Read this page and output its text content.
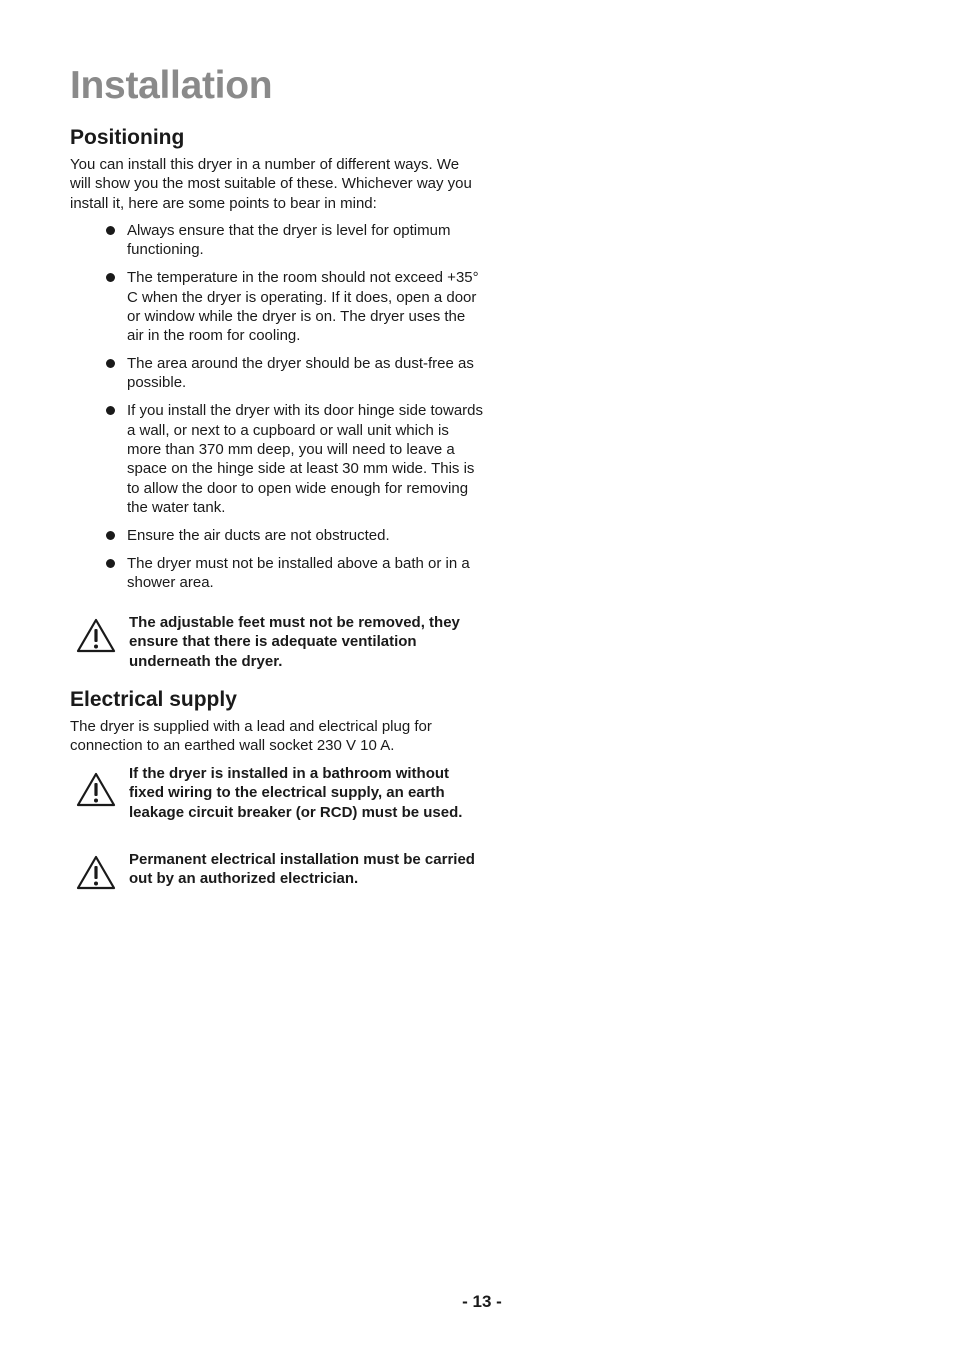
Installation
Positioning

You can install this dryer in a number of different ways. We will show you the most suitable of these. Whichever way you install it, here are some points to bear in mind:

Always ensure that the dryer is level for optimum functioning.
The temperature in the room should not exceed +35° C when the dryer is operating. If it does, open a door or window while the dryer is on. The dryer uses the air in the room for cooling.
The area around the dryer should be as dust-free as possible.
If you install the dryer with its door hinge side towards a wall, or next to a cupboard or wall unit which is more than 370 mm deep, you will need to leave a space on the hinge side at least 30 mm wide. This is to allow the door to open wide enough for removing the water tank.
Ensure the air ducts are not obstructed.
The dryer must not be installed above a bath or in a shower area.

The adjustable feet must not be removed, they ensure that there is adequate ventilation underneath the dryer.

Electrical supply

The dryer is supplied with a lead and electrical plug for connection to an earthed wall socket 230 V 10 A.

If the dryer is installed in a bathroom without fixed wiring to the electrical supply, an earth leakage circuit breaker (or RCD) must be used.

Permanent electrical installation must be carried out by an authorized electrician.

- 13 -
